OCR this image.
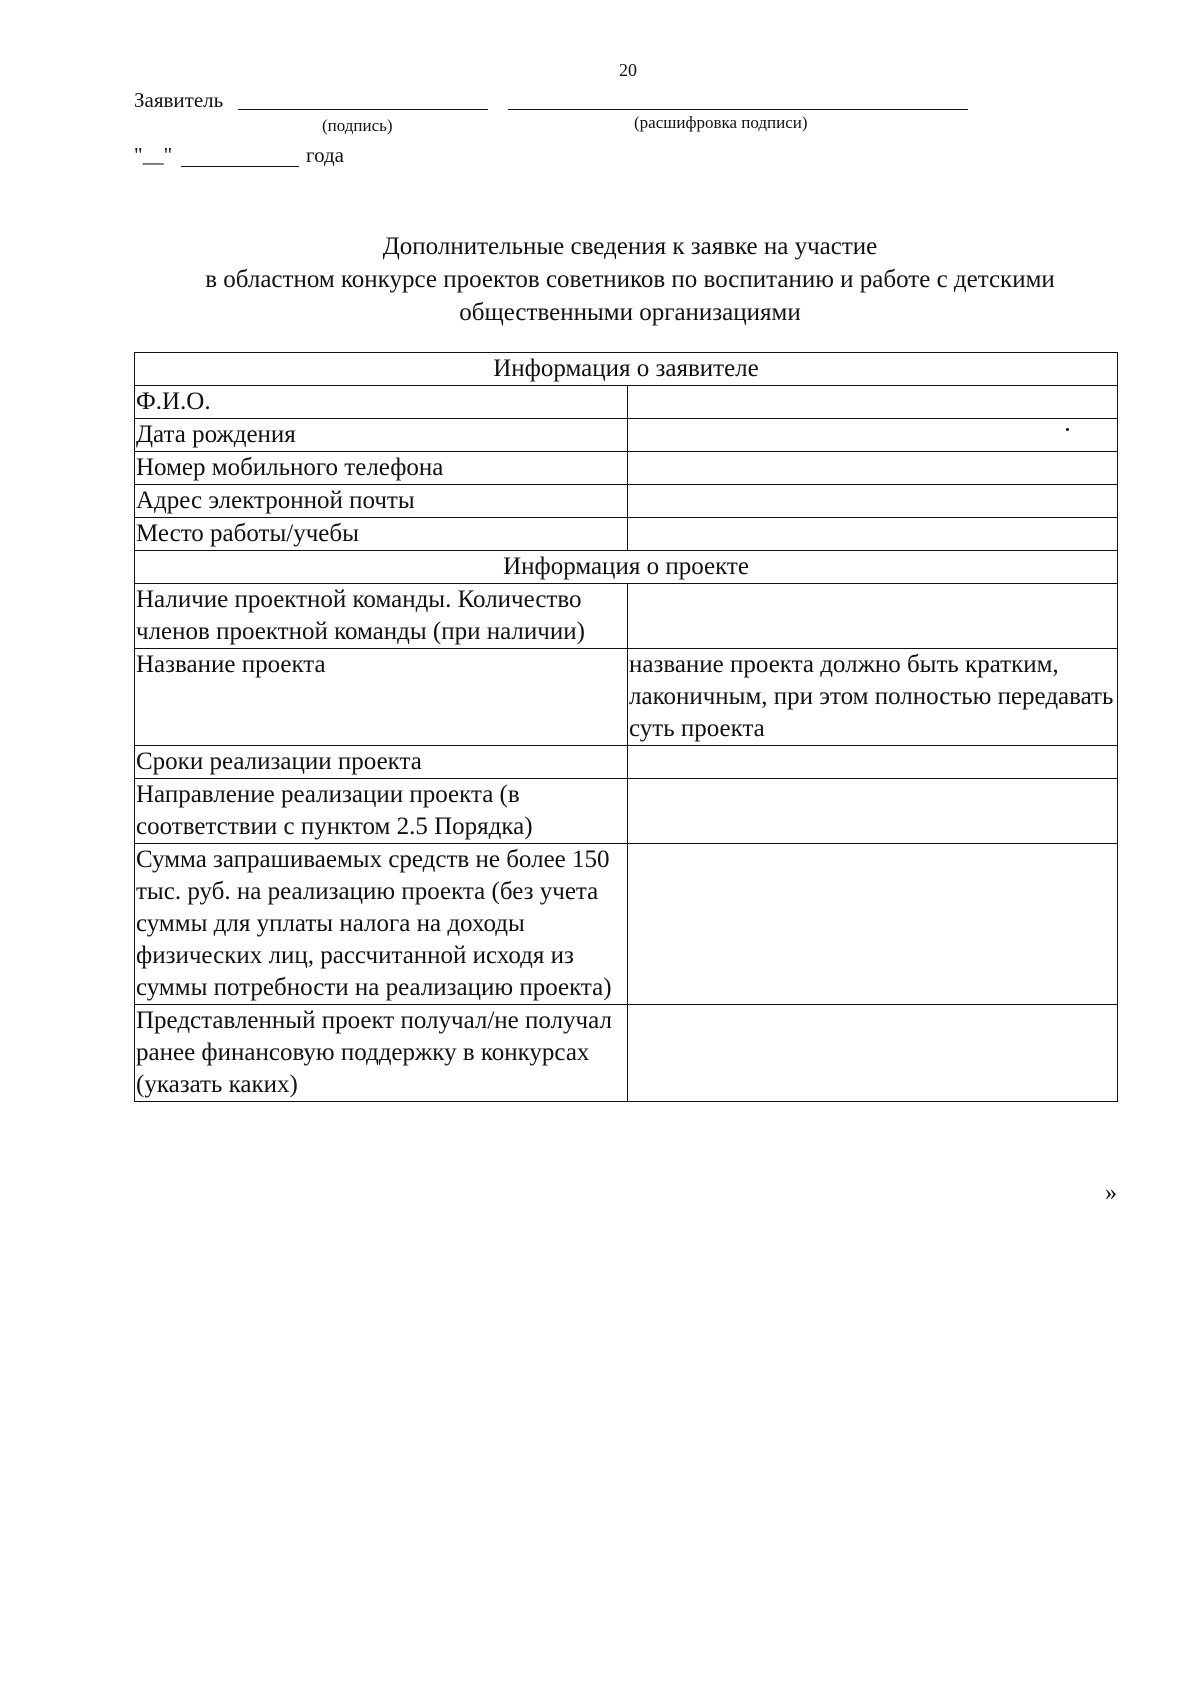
20
Заявитель
(подпись)	(расшифровка подписи)
"__"	года
Дополнительные сведения к заявке на участие
в областном конкурсе проектов советников по воспитанию и работе с детскими
общественными организациями
Информация о заявителе	
Ф.И.О.	
Дата рождения	
Номер мобильного телефона	
Адрес электронной почты	
Место работы/учебы	
Информация о проекте	
Наличие проектной команды. Количество членов проектной команды (при наличии)	
Название проекта	название проекта должно быть кратким, лаконичным, при этом полностью передавать суть проекта
Сроки реализации проекта	
Направление реализации проекта (в соответствии с пунктом 2.5 Порядка)	
Сумма запрашиваемых средств не более 150 тыс. руб. на реализацию проекта (без учета суммы для уплаты налога на доходы физических лиц, рассчитанной исходя из суммы потребности на реализацию проекта)	
Представленный проект получал/не получал ранее финансовую поддержку в конкурсах (указать каких)	
»
